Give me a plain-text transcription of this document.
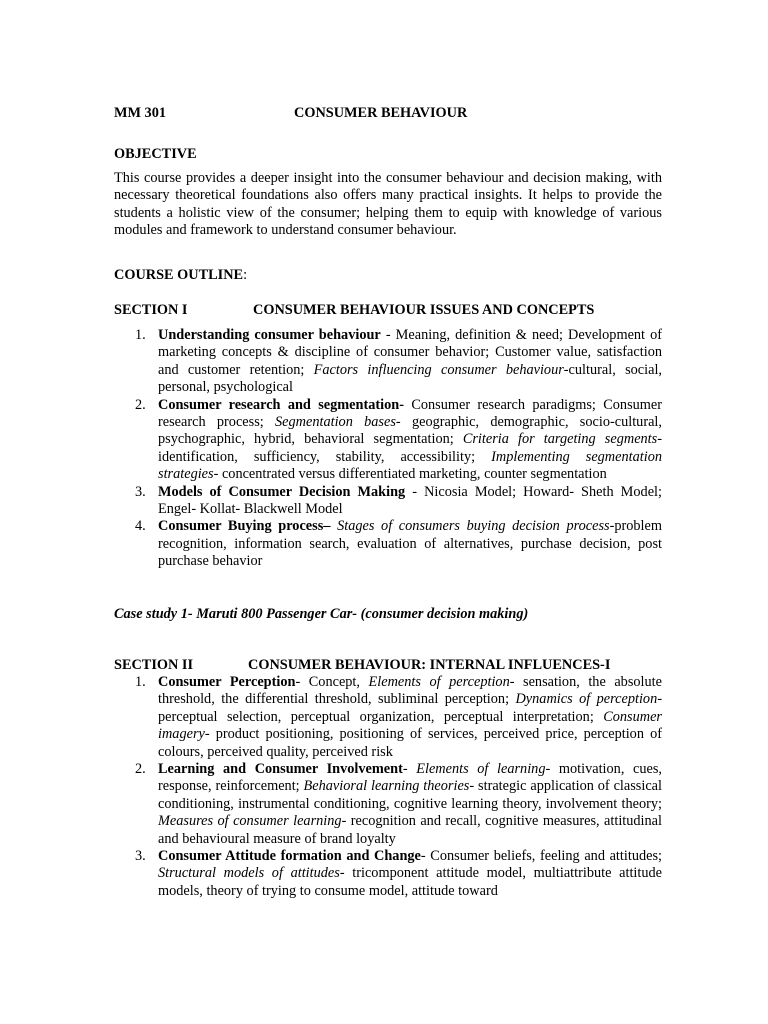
MM 301	CONSUMER BEHAVIOUR
OBJECTIVE
This course provides a deeper insight into the consumer behaviour and decision making, with necessary theoretical foundations also offers many practical insights. It helps to provide the students a holistic view of the consumer; helping them to equip with knowledge of various modules and framework to understand consumer behaviour.
COURSE OUTLINE:
SECTION I	CONSUMER BEHAVIOUR ISSUES AND CONCEPTS
1. Understanding consumer behaviour - Meaning, definition & need; Development of marketing concepts & discipline of consumer behavior; Customer value, satisfaction and customer retention; Factors influencing consumer behaviour-cultural, social, personal, psychological
2. Consumer research and segmentation- Consumer research paradigms; Consumer research process; Segmentation bases- geographic, demographic, socio-cultural, psychographic, hybrid, behavioral segmentation; Criteria for targeting segments-identification, sufficiency, stability, accessibility; Implementing segmentation strategies- concentrated versus differentiated marketing, counter segmentation
3. Models of Consumer Decision Making - Nicosia Model; Howard- Sheth Model; Engel- Kollat- Blackwell Model
4. Consumer Buying process– Stages of consumers buying decision process-problem recognition, information search, evaluation of alternatives, purchase decision, post purchase behavior
Case study 1- Maruti 800 Passenger Car- (consumer decision making)
SECTION II	CONSUMER BEHAVIOUR: INTERNAL INFLUENCES-I
1. Consumer Perception- Concept, Elements of perception- sensation, the absolute threshold, the differential threshold, subliminal perception; Dynamics of perception- perceptual selection, perceptual organization, perceptual interpretation; Consumer imagery- product positioning, positioning of services, perceived price, perception of colours, perceived quality, perceived risk
2. Learning and Consumer Involvement- Elements of learning- motivation, cues, response, reinforcement; Behavioral learning theories- strategic application of classical conditioning, instrumental conditioning, cognitive learning theory, involvement theory; Measures of consumer learning- recognition and recall, cognitive measures, attitudinal and behavioural measure of brand loyalty
3. Consumer Attitude formation and Change- Consumer beliefs, feeling and attitudes; Structural models of attitudes- tricomponent attitude model, multiattribute attitude models, theory of trying to consume model, attitude toward
